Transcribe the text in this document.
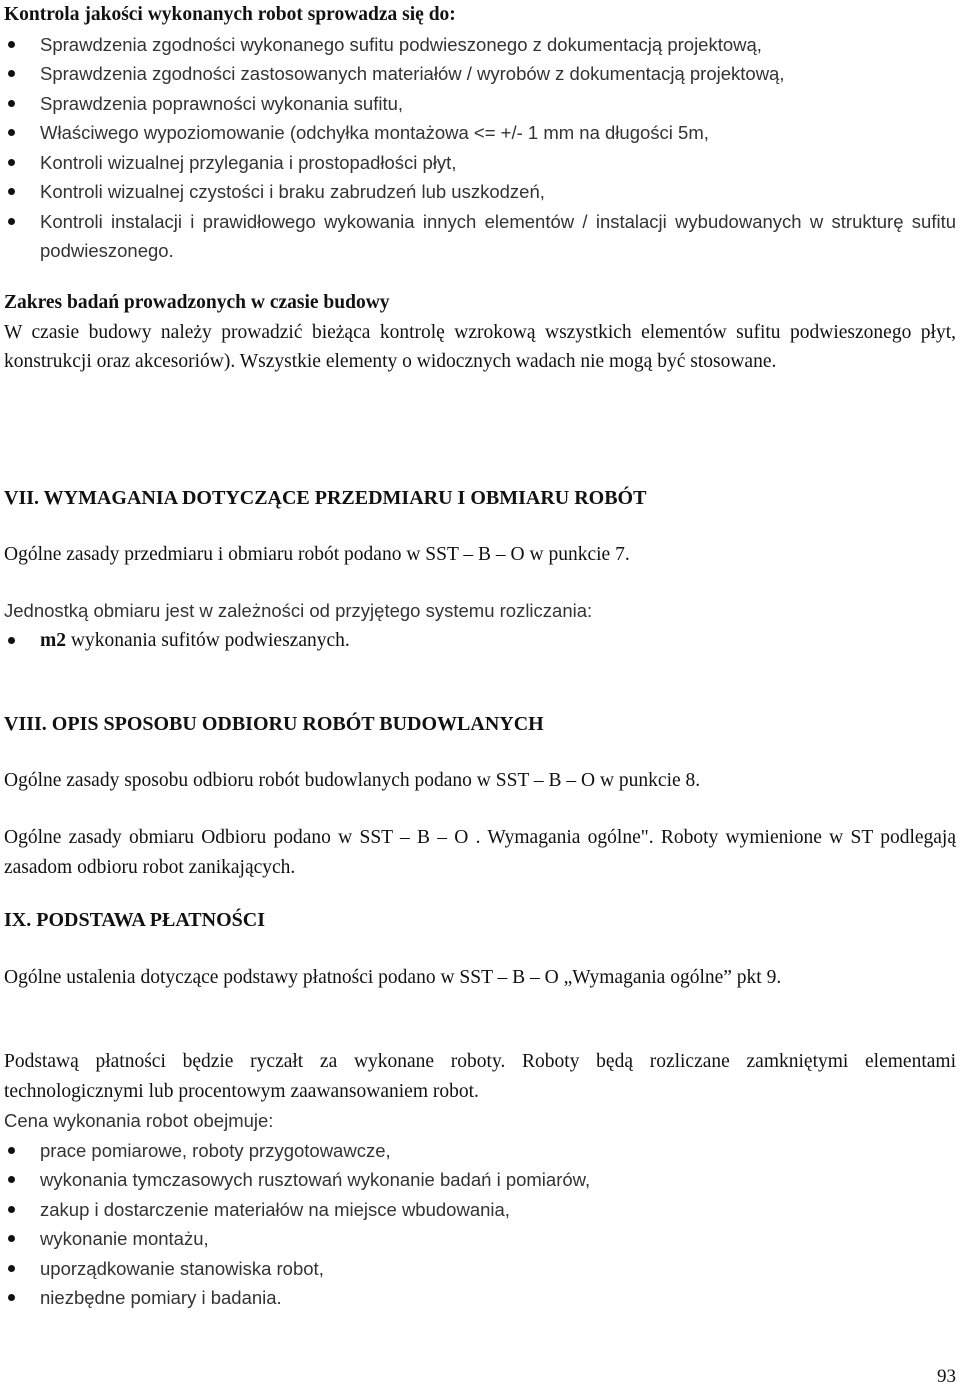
Kontrola jakości wykonanych robot sprowadza się do:

Sprawdzenia zgodności wykonanego sufitu podwieszonego z dokumentacją projektową,
Sprawdzenia zgodności zastosowanych materiałów / wyrobów z dokumentacją projektową,
Sprawdzenia poprawności wykonania sufitu,
Właściwego wypoziomowanie (odchyłka montażowa <= +/- 1 mm na długości 5m,
Kontroli wizualnej przylegania i prostopadłości płyt,
Kontroli wizualnej czystości i braku zabrudzeń lub uszkodzeń,
Kontroli instalacji i prawidłowego wykowania innych elementów / instalacji wybudowanych w strukturę sufitu podwieszonego.

Zakres badań prowadzonych w czasie budowy

W czasie budowy należy prowadzić bieżąca kontrolę wzrokową wszystkich elementów sufitu podwieszonego płyt, konstrukcji oraz akcesoriów). Wszystkie elementy o widocznych wadach nie mogą być stosowane.

VII. WYMAGANIA DOTYCZĄCE PRZEDMIARU I OBMIARU ROBÓT

Ogólne zasady przedmiaru i obmiaru robót podano w SST – B – O w punkcie 7.

Jednostką obmiaru jest w zależności od przyjętego systemu rozliczania:

m2 wykonania sufitów podwieszanych.

VIII. OPIS SPOSOBU ODBIORU ROBÓT BUDOWLANYCH

Ogólne zasady sposobu odbioru robót budowlanych podano w SST – B – O w punkcie 8.

Ogólne zasady obmiaru Odbioru podano w SST – B – O . Wymagania ogólne". Roboty wymienione w ST podlegają zasadom odbioru robot zanikających.

IX. PODSTAWA PŁATNOŚCI

Ogólne ustalenia dotyczące podstawy płatności podano w SST – B – O „Wymagania ogólne” pkt 9.

Podstawą płatności będzie ryczałt za wykonane roboty. Roboty będą rozliczane zamkniętymi elementami technologicznymi lub procentowym zaawansowaniem robot.

Cena wykonania robot obejmuje:

prace pomiarowe, roboty przygotowawcze,
wykonania tymczasowych rusztowań wykonanie badań i pomiarów,
zakup i dostarczenie materiałów na miejsce wbudowania,
wykonanie montażu,
uporządkowanie stanowiska robot,
niezbędne pomiary i badania.
93
